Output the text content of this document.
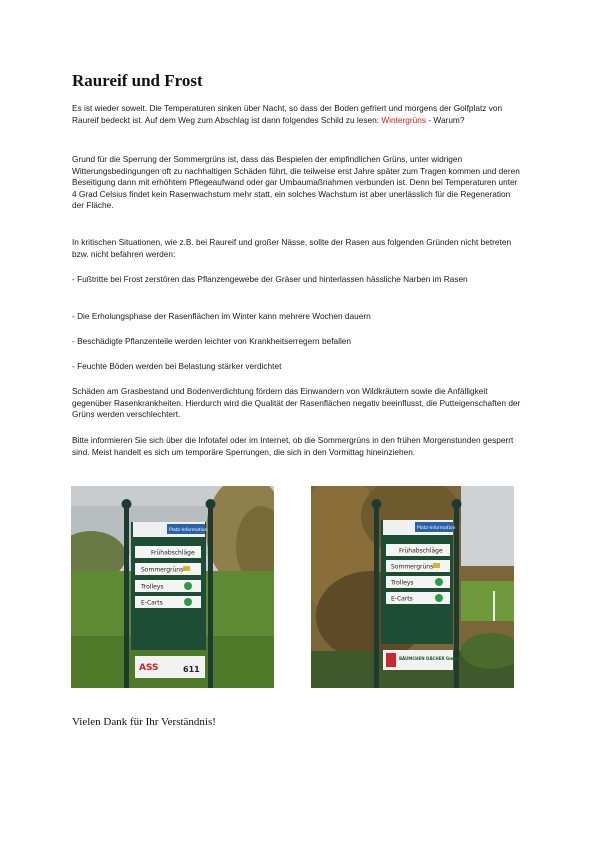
Raureif und Frost

Es ist wieder soweit. Die Temperaturen sinken über Nacht, so dass der Boden gefriert und morgens der Golfplatz von Raureif bedeckt ist. Auf dem Weg zum Abschlag ist dann folgendes Schild zu lesen: Wintergrüns - Warum?

Grund für die Sperrung der Sommergrüns ist, dass das Bespielen der empfindlichen Grüns, unter widrigen Witterungsbedingungen oft zu nachhaltigen Schäden führt, die teilweise erst Jahre später zum Tragen kommen und deren Beseitigung dann mit erhöhtem Pflegeaufwand oder gar Umbaumaßnahmen verbunden ist. Denn bei Temperaturen unter 4 Grad Celsius findet kein Rasenwachstum mehr statt, ein solches Wachstum ist aber unerlässlich für die Regeneration der Fläche.

In kritischen Situationen, wie z.B. bei Raureif und großer Nässe, sollte der Rasen aus folgenden Gründen nicht betreten bzw. nicht befahren werden:

- Fußtritte bei Frost zerstören das Pflanzengewebe der Gräser und hinterlassen hässliche Narben im Rasen

- Die Erholungsphase der Rasenflächen im Winter kann mehrere Wochen dauern

- Beschädigte Pflanzenteile werden leichter von Krankheitserregern befallen

- Feuchte Böden werden bei Belastung stärker verdichtet

Schäden am Grasbestand und Bodenverdichtung fördern das Einwandern von Wildkräutern sowie die Anfälligkeit gegenüber Rasenkrankheiten. Hierdurch wird die Qualität der Rasenflächen negativ beeinflusst, die Putteigenschaften der Grüns werden verschlechtert.

Bitte informieren Sie sich über die Infotafel oder im Internet, ob die Sommergrüns in den frühen Morgenstunden gesperrt sind. Meist handelt es sich um temporäre Sperrungen, die sich in den Vormittag hineinziehen.

Platz-Information
Frühabschläge
Sommergrüns
Trolleys
E-Carts
ASS	611
Platz-Information
Frühabschläge
Sommergrüns
Trolleys
E-Carts
BÄUMCHEN DÄCHER GmbH

Vielen Dank für Ihr Verständnis!
